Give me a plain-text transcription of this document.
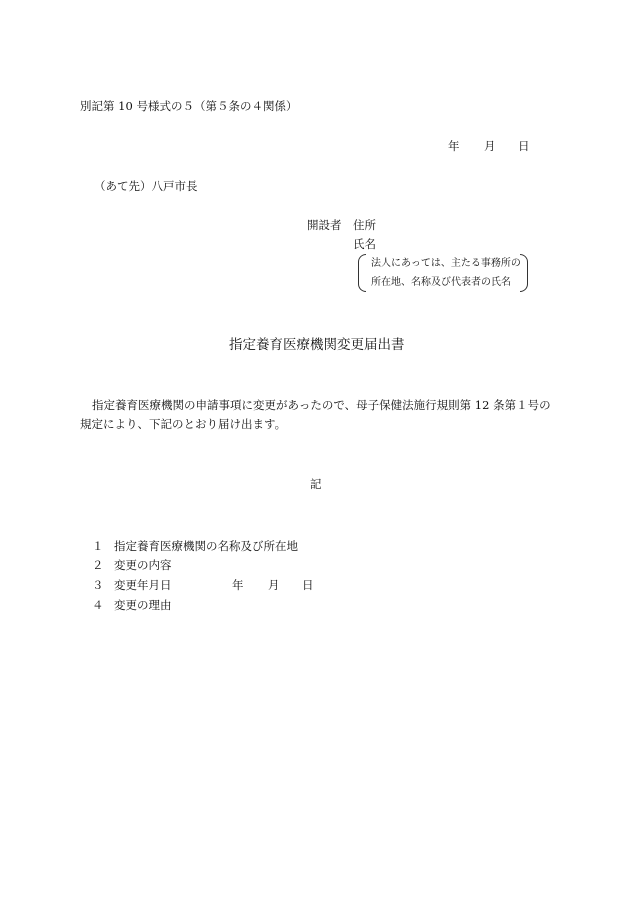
別記第 10 号様式の５（第５条の４関係）
年 月 日
（あて先）八戸市長
開設者 住所
氏名
法人にあっては、主たる事務所の
所在地、名称及び代表者の氏名
指定養育医療機関変更届出書
指定養育医療機関の申請事項に変更があったので、母子保健法施行規則第 12 条第１号の
規定により、下記のとおり届け出ます。
記
１ 指定養育医療機関の名称及び所在地
２ 変更の内容
３ 変更年月日	年 月 日
４ 変更の理由
